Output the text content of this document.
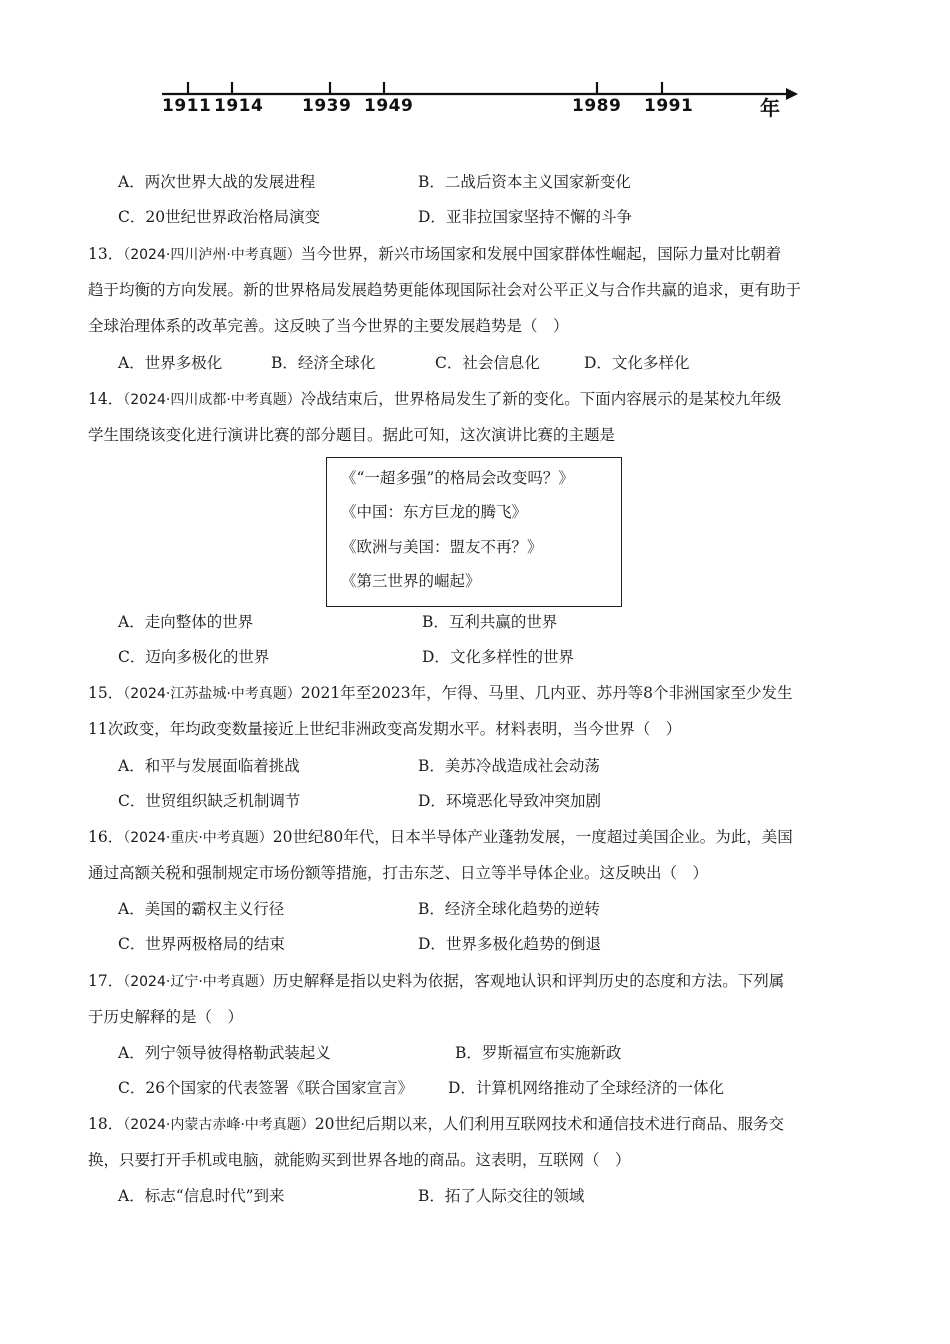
1911 1914 1939 1949	1989 1991	年
A．两次世界大战的发展进程	B．二战后资本主义国家新变化
C．20世纪世界政治格局演变	D．亚非拉国家坚持不懈的斗争
13．（2024·四川泸州·中考真题）当今世界，新兴市场国家和发展中国家群体性崛起，国际力量对比朝着
趋于均衡的方向发展。新的世界格局发展趋势更能体现国际社会对公平正义与合作共赢的追求，更有助于
全球治理体系的改革完善。这反映了当今世界的主要发展趋势是（　）
A．世界多极化	B．经济全球化	C．社会信息化	D．文化多样化
14．（2024·四川成都·中考真题）冷战结束后，世界格局发生了新的变化。下面内容展示的是某校九年级
学生围绕该变化进行演讲比赛的部分题目。据此可知，这次演讲比赛的主题是
《“一超多强”的格局会改变吗？》
《中国：东方巨龙的腾飞》
《欧洲与美国：盟友不再？》
《第三世界的崛起》
A．走向整体的世界	B．互利共赢的世界
C．迈向多极化的世界	D．文化多样性的世界
15．（2024·江苏盐城·中考真题）2021年至2023年，乍得、马里、几内亚、苏丹等8个非洲国家至少发生
11次政变，年均政变数量接近上世纪非洲政变高发期水平。材料表明，当今世界（　）
A．和平与发展面临着挑战	B．美苏冷战造成社会动荡
C．世贸组织缺乏机制调节	D．环境恶化导致冲突加剧
16．（2024·重庆·中考真题）20世纪80年代，日本半导体产业蓬勃发展，一度超过美国企业。为此，美国
通过高额关税和强制规定市场份额等措施，打击东芝、日立等半导体企业。这反映出（　）
A．美国的霸权主义行径	B．经济全球化趋势的逆转
C．世界两极格局的结束	D．世界多极化趋势的倒退
17．（2024·辽宁·中考真题）历史解释是指以史料为依据，客观地认识和评判历史的态度和方法。下列属
于历史解释的是（　）
A．列宁领导彼得格勒武装起义	B．罗斯福宣布实施新政
C．26个国家的代表签署《联合国家宣言》 D．计算机网络推动了全球经济的一体化
18．（2024·内蒙古赤峰·中考真题）20世纪后期以来，人们利用互联网技术和通信技术进行商品、服务交
换，只要打开手机或电脑，就能购买到世界各地的商品。这表明，互联网（　）
A．标志“信息时代”到来	B．拓了人际交往的领域
